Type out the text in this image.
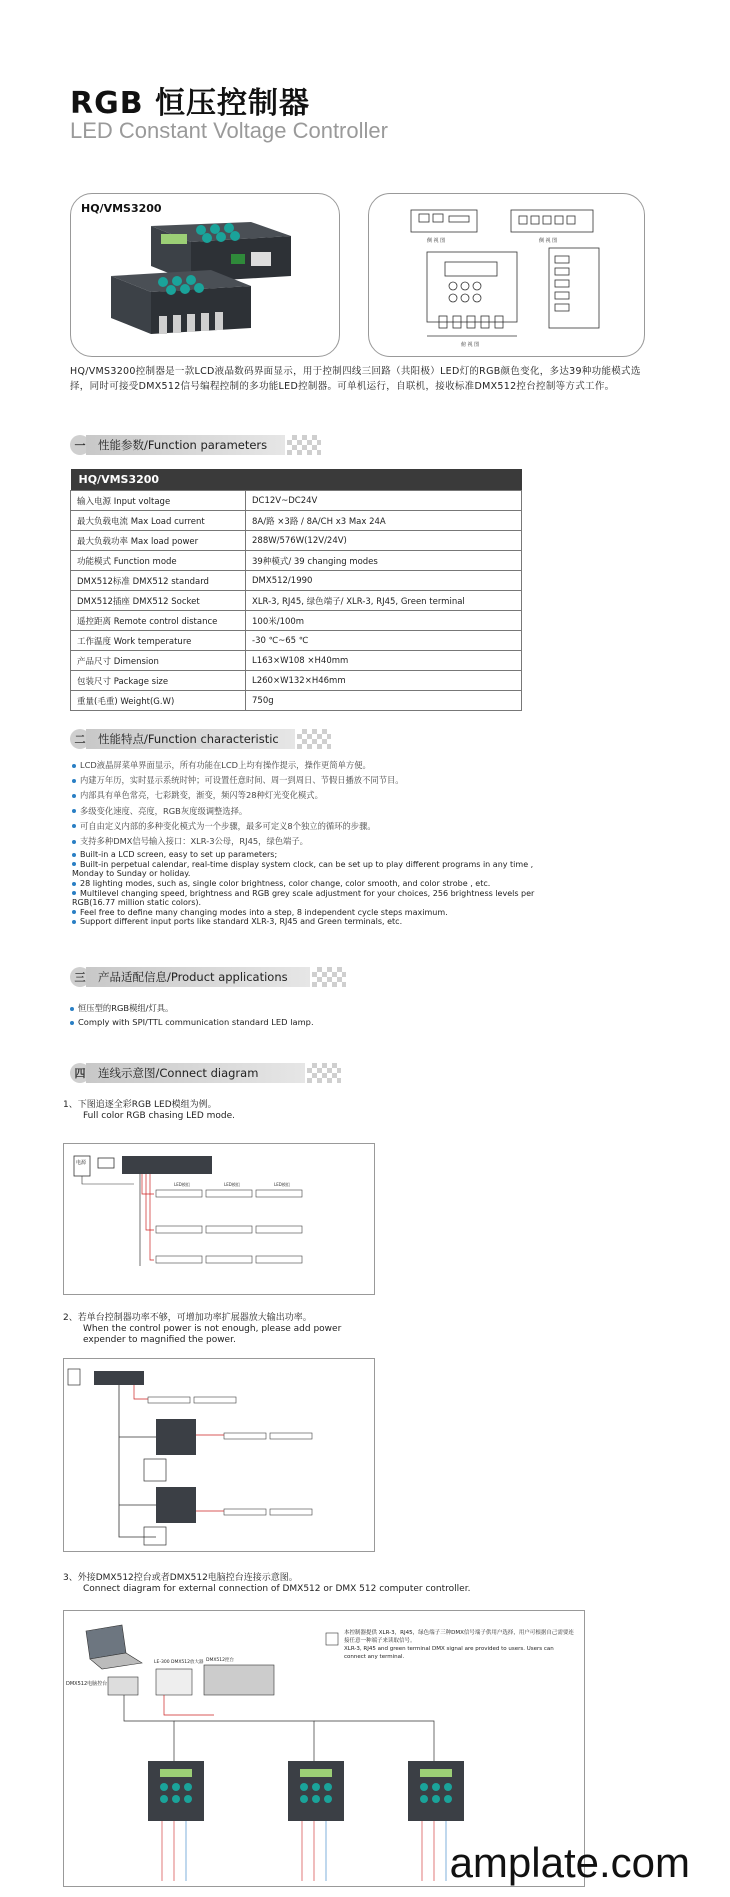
RGB 恒压控制器
LED Constant Voltage Controller
HQ/VMS3200
侧 视 图	侧 视 图
俯 视 图
HQ/VMS3200控制器是一款LCD液晶数码界面显示，用于控制四线三回路（共阳极）LED灯的RGB颜色变化，多达39种功能模式选择，同时可接受DMX512信号编程控制的多功能LED控制器。可单机运行，自联机，接收标准DMX512控台控制等方式工作。
一	性能参数/Function parameters
HQ/VMS3200	
输入电源 Input voltage	DC12V~DC24V
最大负载电流 Max Load current	8A/路 ×3路 / 8A/CH x3 Max 24A
最大负载功率 Max load power	288W/576W(12V/24V)
功能模式 Function mode	39种模式/ 39 changing modes
DMX512标准 DMX512 standard	DMX512/1990
DMX512插座 DMX512 Socket	XLR-3, RJ45, 绿色端子/ XLR-3, RJ45, Green terminal
遥控距离 Remote control distance	100米/100m
工作温度 Work temperature	-30 ℃~65 ℃
产品尺寸 Dimension	L163×W108 ×H40mm
包装尺寸 Package size	L260×W132×H46mm
重量(毛重) Weight(G.W)	750g
二	性能特点/Function characteristic
LCD液晶屏菜单界面显示，所有功能在LCD上均有操作提示，操作更简单方便。
内建万年历，实时显示系统时钟；可设置任意时间、周一到周日、节假日播放不同节目。
内部具有单色常亮，七彩跳变，渐变，频闪等28种灯光变化模式。
多级变化速度、亮度，RGB灰度级调整选择。
可自由定义内部的多种变化模式为一个步骤，最多可定义8个独立的循环的步骤。
支持多种DMX信号输入接口：XLR-3公母，RJ45，绿色端子。
Built-in a LCD screen, easy to set up parameters;
Built-in perpetual calendar, real-time display system clock, can be set up to play different programs in any time , Monday to Sunday or holiday.
28 lighting modes, such as, single color brightness, color change, color smooth, and color strobe , etc.
Multilevel changing speed, brightness and RGB grey scale adjustment for your choices, 256 brightness levels per RGB(16.77 million static colors).
Feel free to define many changing modes into a step, 8 independent cycle steps maximum.
Support different input ports like standard XLR-3, RJ45 and Green terminals, etc.
三	产品适配信息/Product applications
恒压型的RGB模组/灯具。
Comply with SPI/TTL communication standard LED lamp.
四	连线示意图/Connect diagram
1、下图追逐全彩RGB LED模组为例。
Full color RGB chasing LED mode.
电源
LED模组	LED模组	LED模组
2、若单台控制器功率不够，可增加功率扩展器放大输出功率。
When the control power is not enough, please add power expender to magnified the power.
3、外接DMX512控台或者DMX512电脑控台连接示意图。
Connect diagram for external connection of DMX512 or DMX 512 computer controller.
DMX512电脑控台
LE-300 DMX512放大器 DMX512控台
本控制器提供 XLR-3，RJ45，绿色端子三种DMX信号端子供用户选择，用户可根据自己需要连接任意一种端子来读取信号。
XLR-3, RJ45 and green terminal DMX signal are provided to users. Users can connect any terminal.
amplate.com
